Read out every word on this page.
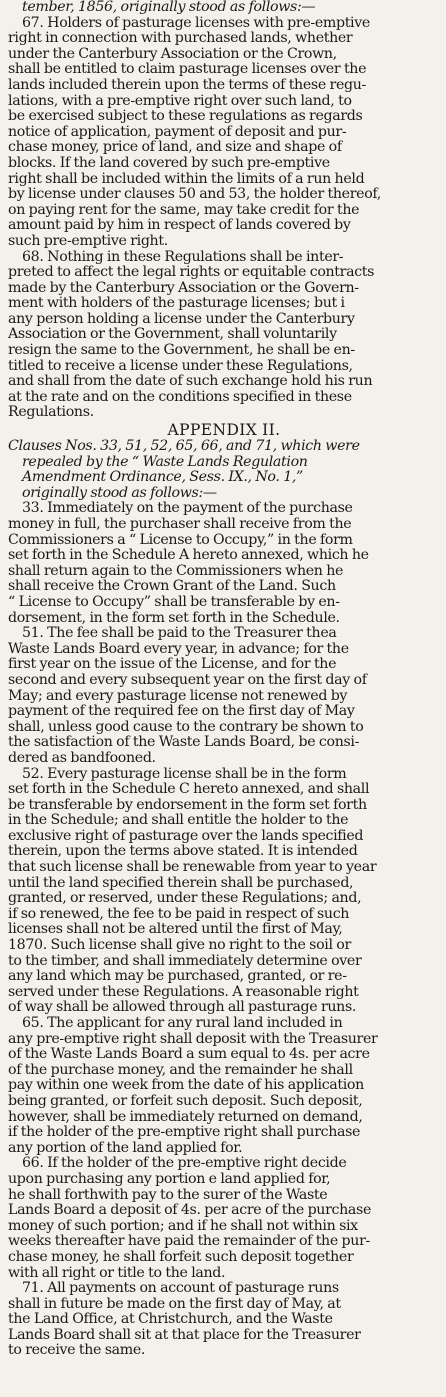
tember, 1856, originally stood as follows:—
67. Holders of pasturage licenses with pre-emptive
right in connection with purchased lands, whether
under the Canterbury Association or the Crown,
shall be entitled to claim pasturage licenses over the
lands included therein upon the terms of these regu-
lations, with a pre-emptive right over such land, to
be exercised subject to these regulations as regards
notice of application, payment of deposit and pur-
chase money, price of land, and size and shape of
blocks. If the land covered by such pre-emptive
right shall be included within the limits of a run held
by license under clauses 50 and 53, the holder thereof,
on paying rent for the same, may take credit for the
amount paid by him in respect of lands covered by
such pre-emptive right.
68. Nothing in these Regulations shall be inter-
preted to affect the legal rights or equitable contracts
made by the Canterbury Association or the Govern-
ment with holders of the pasturage licenses; but i
any person holding a license under the Canterbury
Association or the Government, shall voluntarily
resign the same to the Government, he shall be en-
titled to receive a license under these Regulations,
and shall from the date of such exchange hold his run
at the rate and on the conditions specified in these
Regulations.
APPENDIX II.
Clauses Nos. 33, 51, 52, 65, 66, and 71, which were
repealed by the “ Waste Lands Regulation
Amendment Ordinance, Sess. IX., No. 1,”
originally stood as follows:—
33. Immediately on the payment of the purchase
money in full, the purchaser shall receive from the
Commissioners a “ License to Occupy,” in the form
set forth in the Schedule A hereto annexed, which he
shall return again to the Commissioners when he
shall receive the Crown Grant of the Land. Such
“ License to Occupy” shall be transferable by en-
dorsement, in the form set forth in the Schedule.
51. The fee shall be paid to the Treasurer thea
Waste Lands Board every year, in advance; for the
first year on the issue of the License, and for the
second and every subsequent year on the first day of
May; and every pasturage license not renewed by
payment of the required fee on the first day of May
shall, unless good cause to the contrary be shown to
the satisfaction of the Waste Lands Board, be consi-
dered as bandfooned.
52. Every pasturage license shall be in the form
set forth in the Schedule C hereto annexed, and shall
be transferable by endorsement in the form set forth
in the Schedule; and shall entitle the holder to the
exclusive right of pasturage over the lands specified
therein, upon the terms above stated. It is intended
that such license shall be renewable from year to year
until the land specified therein shall be purchased,
granted, or reserved, under these Regulations; and,
if so renewed, the fee to be paid in respect of such
licenses shall not be altered until the first of May,
1870. Such license shall give no right to the soil or
to the timber, and shall immediately determine over
any land which may be purchased, granted, or re-
served under these Regulations. A reasonable right
of way shall be allowed through all pasturage runs.
65. The applicant for any rural land included in
any pre-emptive right shall deposit with the Treasurer
of the Waste Lands Board a sum equal to 4s. per acre
of the purchase money, and the remainder he shall
pay within one week from the date of his application
being granted, or forfeit such deposit. Such deposit,
however, shall be immediately returned on demand,
if the holder of the pre-emptive right shall purchase
any portion of the land applied for.
66. If the holder of the pre-emptive right decide
upon purchasing any portion e land applied for,
he shall forthwith pay to the surer of the Waste
Lands Board a deposit of 4s. per acre of the purchase
money of such portion; and if he shall not within six
weeks thereafter have paid the remainder of the pur-
chase money, he shall forfeit such deposit together
with all right or title to the land.
71. All payments on account of pasturage runs
shall in future be made on the first day of May, at
the Land Office, at Christchurch, and the Waste
Lands Board shall sit at that place for the Treasurer
to receive the same.
